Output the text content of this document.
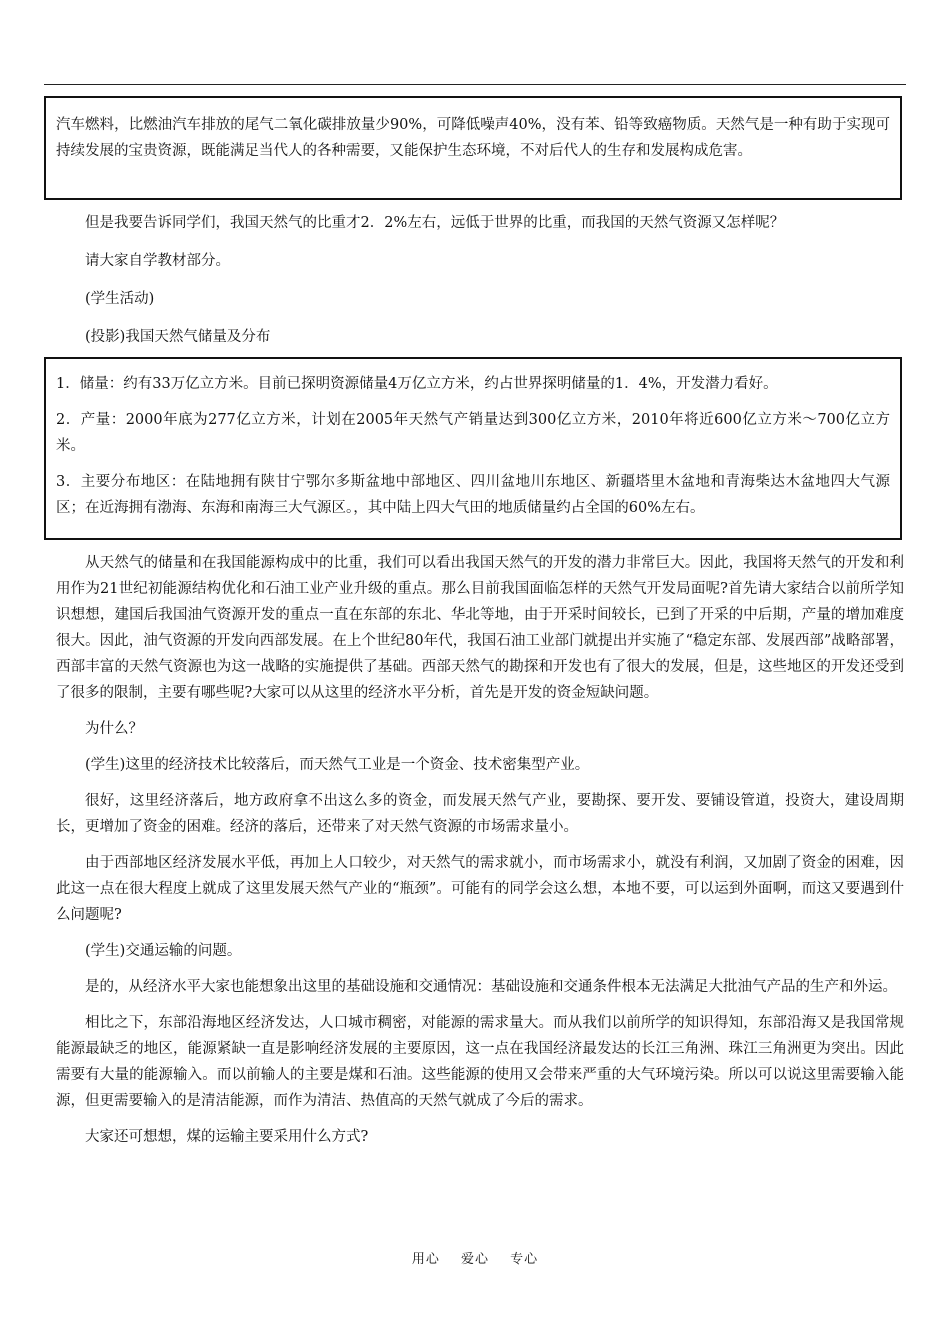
汽车燃料，比燃油汽车排放的尾气二氧化碳排放量少90%，可降低噪声40%，没有苯、铅等致癌物质。天然气是一种有助于实现可持续发展的宝贵资源，既能满足当代人的各种需要，又能保护生态环境，不对后代人的生存和发展构成危害。

但是我要告诉同学们，我国天然气的比重才2．2%左右，远低于世界的比重，而我国的天然气资源又怎样呢？

请大家自学教材部分。

(学生活动)

(投影)我国天然气储量及分布

1．储量：约有33万亿立方米。目前已探明资源储量4万亿立方米，约占世界探明储量的1．4%，开发潜力看好。

2．产量：2000年底为277亿立方米，计划在2005年天然气产销量达到300亿立方米，2010年将近600亿立方米～700亿立方米。

3．主要分布地区：在陆地拥有陕甘宁鄂尔多斯盆地中部地区、四川盆地川东地区、新疆塔里木盆地和青海柴达木盆地四大气源区；在近海拥有渤海、东海和南海三大气源区。，其中陆上四大气田的地质储量约占全国的60%左右。

从天然气的储量和在我国能源构成中的比重，我们可以看出我国天然气的开发的潜力非常巨大。因此，我国将天然气的开发和利用作为21世纪初能源结构优化和石油工业产业升级的重点。那么目前我国面临怎样的天然气开发局面呢?首先请大家结合以前所学知识想想，建国后我国油气资源开发的重点一直在东部的东北、华北等地，由于开采时间较长，已到了开采的中后期，产量的增加难度很大。因此，油气资源的开发向西部发展。在上个世纪80年代，我国石油工业部门就提出并实施了“稳定东部、发展西部”战略部署，西部丰富的天然气资源也为这一战略的实施提供了基础。西部天然气的勘探和开发也有了很大的发展，但是，这些地区的开发还受到了很多的限制，主要有哪些呢?大家可以从这里的经济水平分析，首先是开发的资金短缺问题。

为什么？

(学生)这里的经济技术比较落后，而天然气工业是一个资金、技术密集型产业。

很好，这里经济落后，地方政府拿不出这么多的资金，而发展天然气产业，要勘探、要开发、要铺设管道，投资大，建设周期长，更增加了资金的困难。经济的落后，还带来了对天然气资源的市场需求量小。

由于西部地区经济发展水平低，再加上人口较少，对天然气的需求就小，而市场需求小，就没有利润，又加剧了资金的困难，因此这一点在很大程度上就成了这里发展天然气产业的“瓶颈”。可能有的同学会这么想，本地不要，可以运到外面啊，而这又要遇到什么问题呢?

(学生)交通运输的问题。

是的，从经济水平大家也能想象出这里的基础设施和交通情况：基础设施和交通条件根本无法满足大批油气产品的生产和外运。

相比之下，东部沿海地区经济发达，人口城市稠密，对能源的需求量大。而从我们以前所学的知识得知，东部沿海又是我国常规能源最缺乏的地区，能源紧缺一直是影响经济发展的主要原因，这一点在我国经济最发达的长江三角洲、珠江三角洲更为突出。因此需要有大量的能源输入。而以前输人的主要是煤和石油。这些能源的使用又会带来严重的大气环境污染。所以可以说这里需要输入能源，但更需要输入的是清洁能源，而作为清洁、热值高的天然气就成了今后的需求。

大家还可想想，煤的运输主要采用什么方式?

用心 爱心 专心
